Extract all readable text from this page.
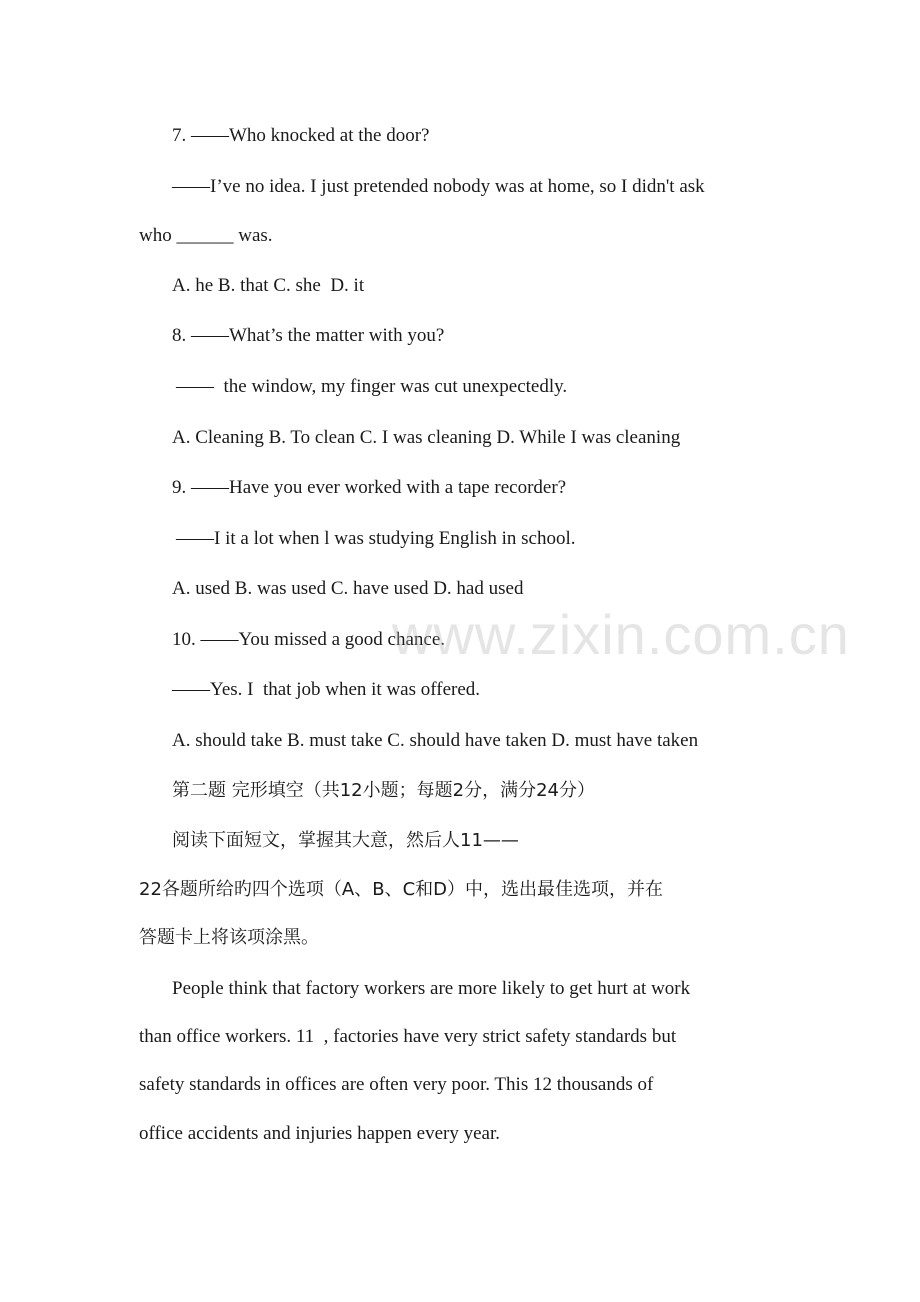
7. ——Who knocked at the door?
——I’ve no idea. I just pretended nobody was at home, so I didn't ask
who ______ was.
A. he B. that C. she  D. it
8. ——What’s the matter with you?
——  the window, my finger was cut unexpectedly.
A. Cleaning B. To clean C. I was cleaning D. While I was cleaning
9. ——Have you ever worked with a tape recorder?
——I it a lot when l was studying English in school.
A. used B. was used C. have used D. had used
10. ——You missed a good chance.
——Yes. I  that job when it was offered.
A. should take B. must take C. should have taken D. must have taken
第二题 完形填空（共12小题；每题2分，满分24分）
阅读下面短文，掌握其大意，然后人11——
22各题所给旳四个选项（A、B、C和D）中，选出最佳选项，并在
答题卡上将该项涂黑。
People think that factory workers are more likely to get hurt at work
than office workers. 11  , factories have very strict safety standards but
safety standards in offices are often very poor. This 12 thousands of
office accidents and injuries happen every year.
www.zixin.com.cn
